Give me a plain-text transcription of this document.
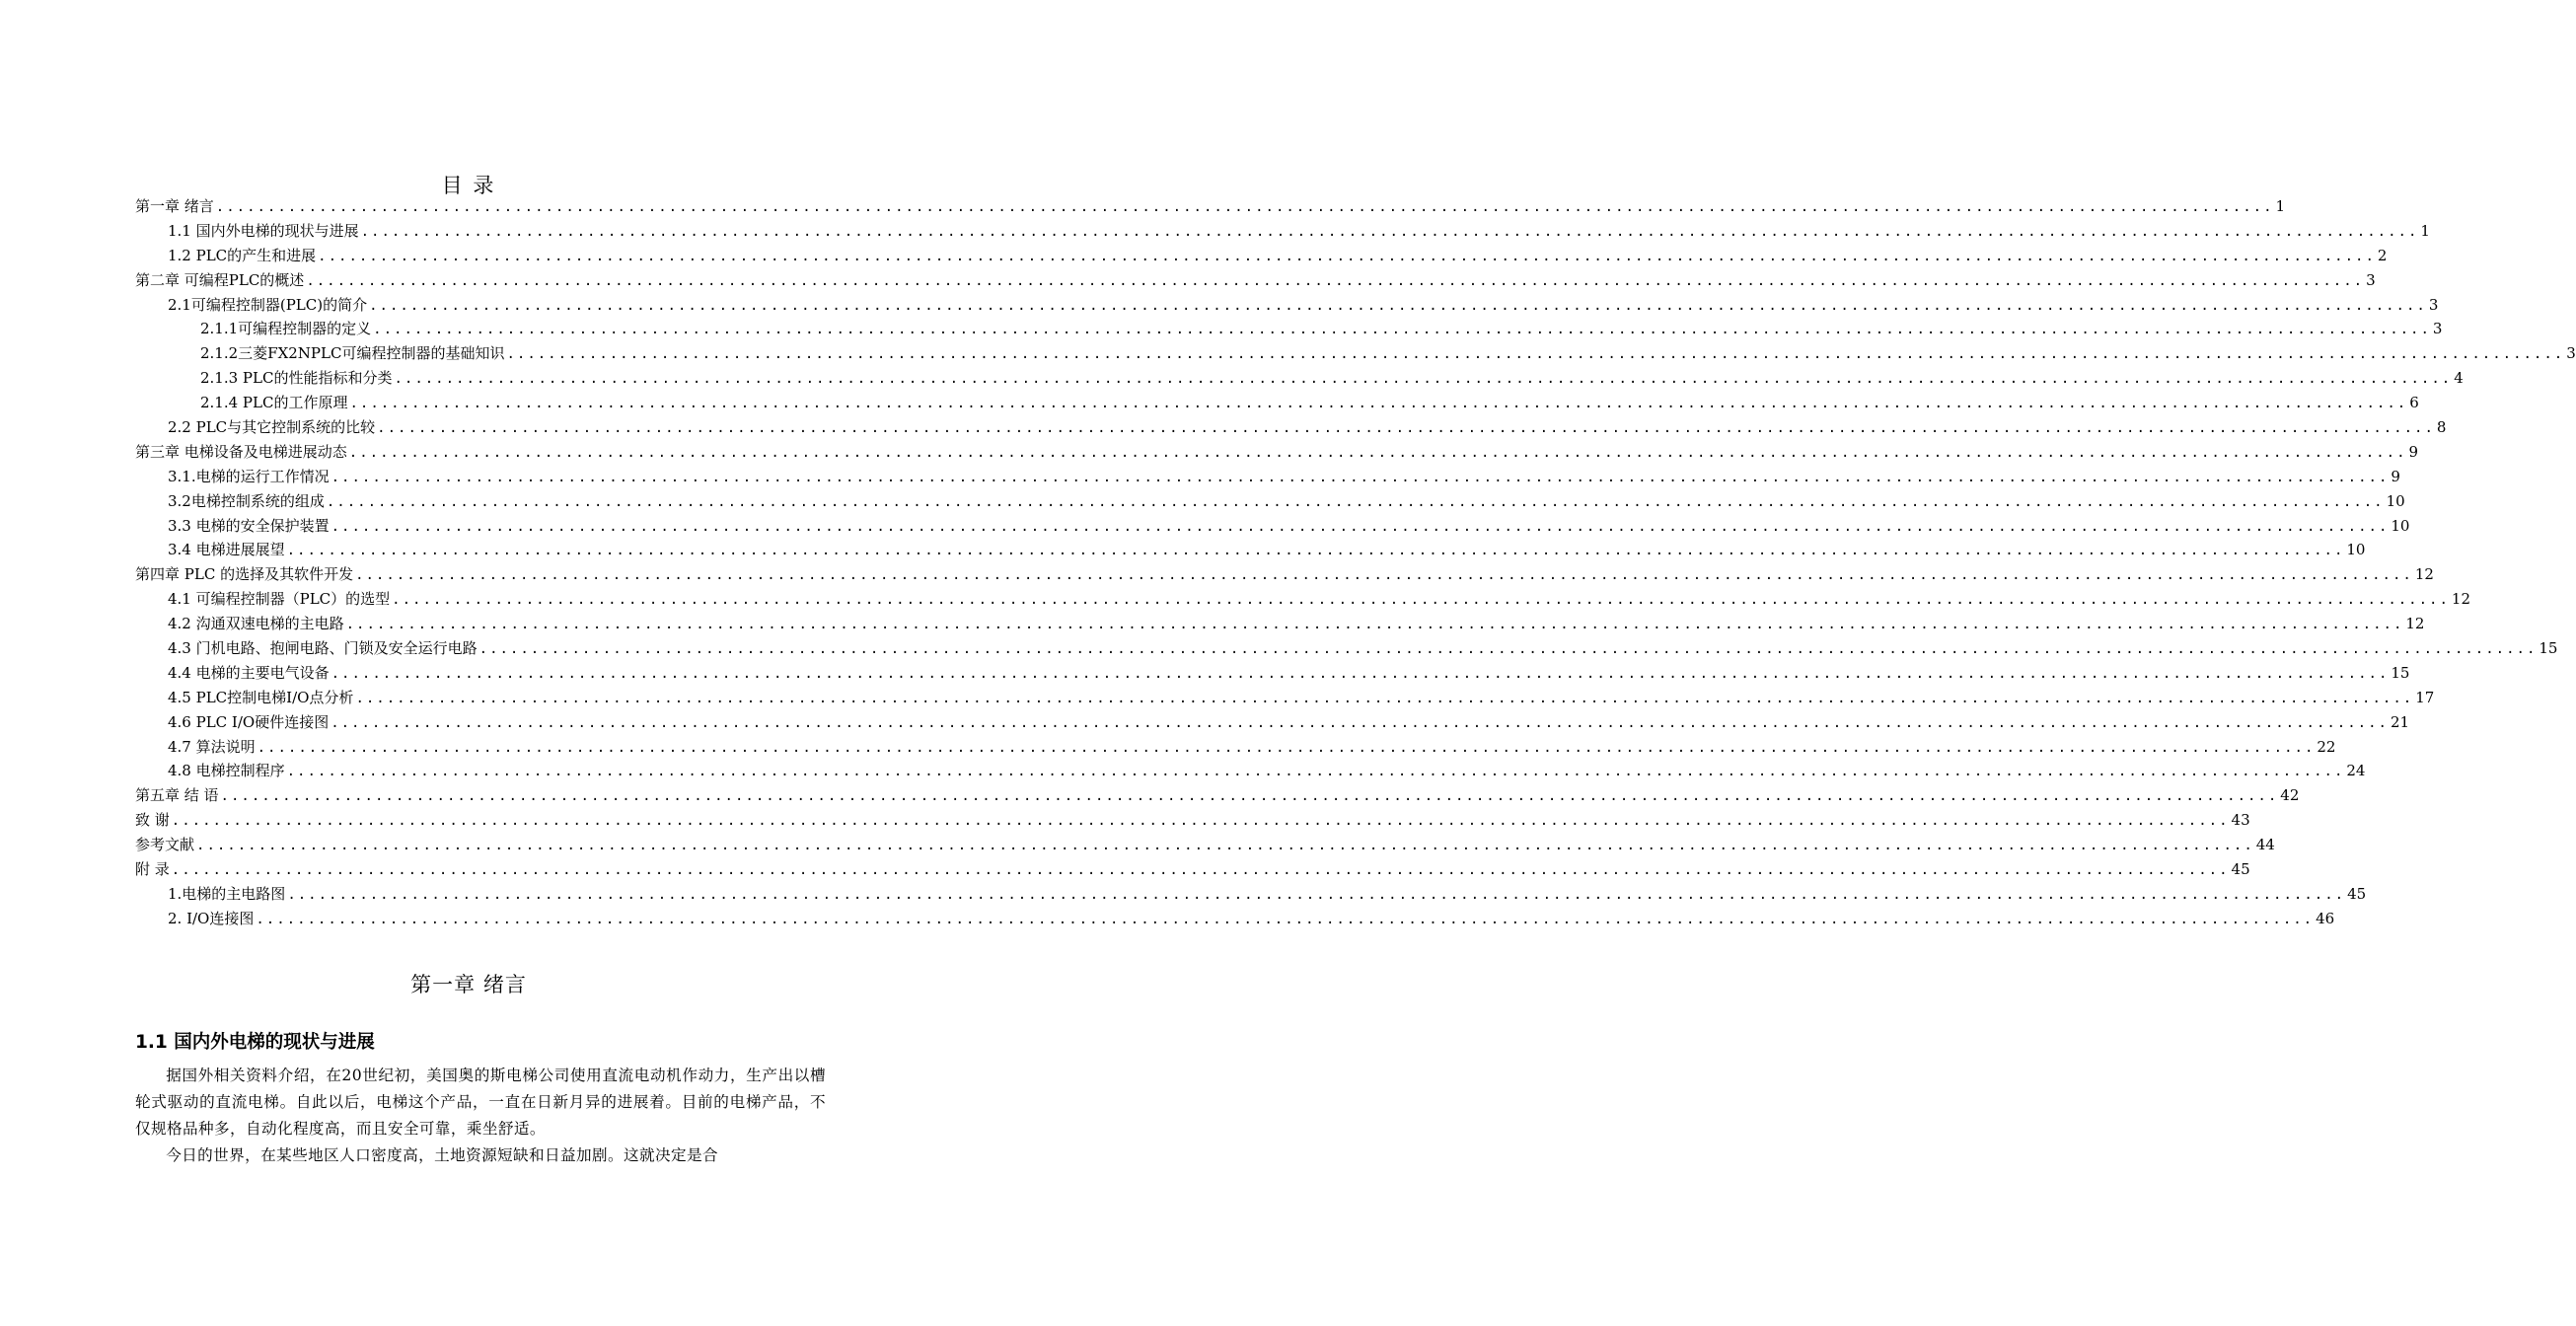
目 录
第一章 绪言 ........................................................................................................................................................................................................ 1
1.1 国内外电梯的现状与进展 ........................................................................................................................................................................................................ 1
1.2 PLC的产生和进展 ........................................................................................................................................................................................................ 2
第二章 可编程PLC的概述 ........................................................................................................................................................................................................ 3
2.1可编程控制器(PLC)的简介 ........................................................................................................................................................................................................ 3
2.1.1可编程控制器的定义 ........................................................................................................................................................................................................ 3
2.1.2三菱FX2NPLC可编程控制器的基础知识 ........................................................................................................................................................................................................ 3
2.1.3 PLC的性能指标和分类 ........................................................................................................................................................................................................ 4
2.1.4 PLC的工作原理 ........................................................................................................................................................................................................ 6
2.2 PLC与其它控制系统的比较 ........................................................................................................................................................................................................ 8
第三章 电梯设备及电梯进展动态 ........................................................................................................................................................................................................ 9
3.1.电梯的运行工作情况 ........................................................................................................................................................................................................ 9
3.2电梯控制系统的组成 ........................................................................................................................................................................................................ 10
3.3 电梯的安全保护装置 ........................................................................................................................................................................................................ 10
3.4 电梯进展展望 ........................................................................................................................................................................................................ 10
第四章 PLC 的选择及其软件开发 ........................................................................................................................................................................................................ 12
4.1 可编程控制器（PLC）的选型 ........................................................................................................................................................................................................ 12
4.2 沟通双速电梯的主电路 ........................................................................................................................................................................................................ 12
4.3 门机电路、抱闸电路、门锁及安全运行电路 ........................................................................................................................................................................................................ 15
4.4 电梯的主要电气设备 ........................................................................................................................................................................................................ 15
4.5 PLC控制电梯I/O点分析 ........................................................................................................................................................................................................ 17
4.6 PLC I/O硬件连接图 ........................................................................................................................................................................................................ 21
4.7 算法说明 ........................................................................................................................................................................................................ 22
4.8 电梯控制程序 ........................................................................................................................................................................................................ 24
第五章 结 语 ........................................................................................................................................................................................................ 42
致 谢 ........................................................................................................................................................................................................ 43
参考文献 ........................................................................................................................................................................................................ 44
附 录 ........................................................................................................................................................................................................ 45
1.电梯的主电路图 ........................................................................................................................................................................................................ 45
2. I/O连接图 ........................................................................................................................................................................................................ 46
第一章 绪言
1.1 国内外电梯的现状与进展

据国外相关资料介绍，在20世纪初，美国奥的斯电梯公司使用直流电动机作动力，生产出以槽轮式驱动的直流电梯。自此以后，电梯这个产品，一直在日新月异的进展着。目前的电梯产品，不仅规格品种多，自动化程度高，而且安全可靠，乘坐舒适。

今日的世界，在某些地区人口密度高，土地资源短缺和日益加剧。这就决定是合
